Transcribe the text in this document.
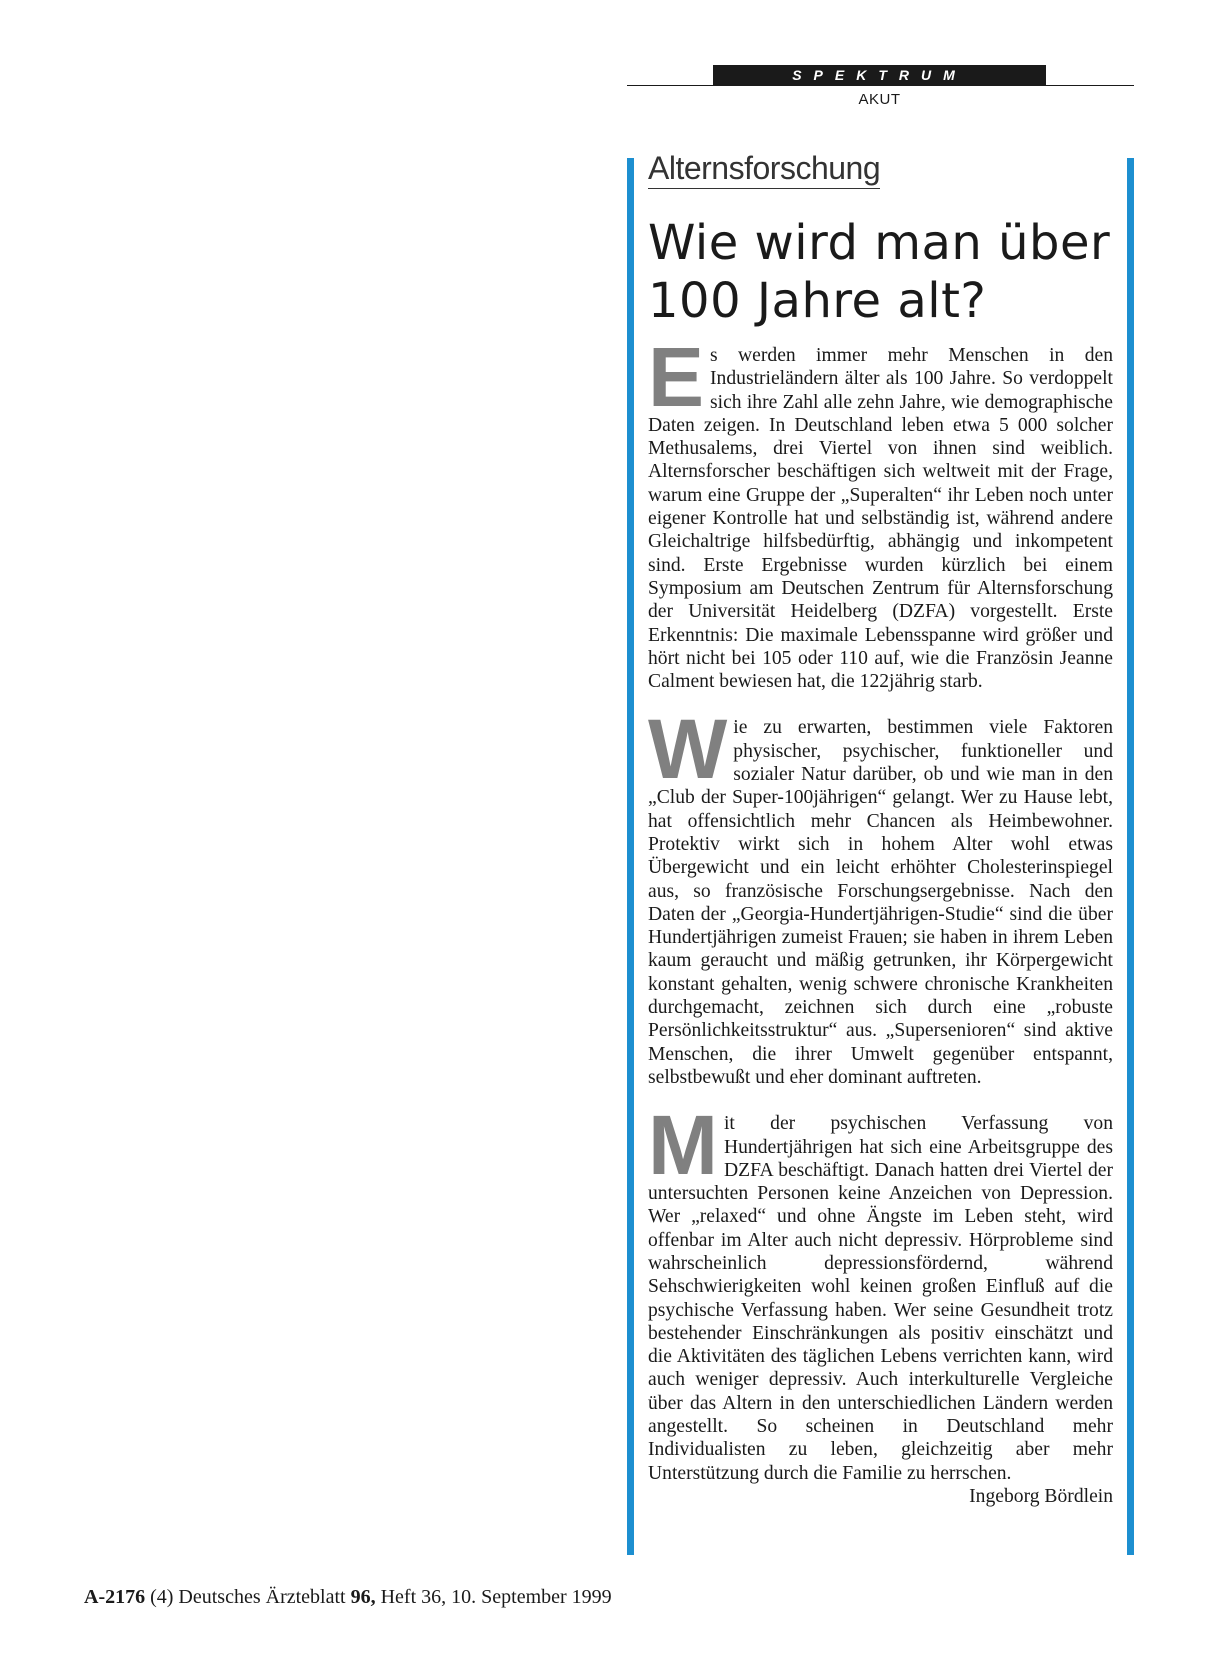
SPEKTRUM
AKUT
Alternsforschung
Wie wird man über 100 Jahre alt?

Es werden immer mehr Menschen in den Industrieländern älter als 100 Jahre. So verdoppelt sich ihre Zahl alle zehn Jahre, wie demographische Daten zeigen. In Deutschland leben etwa 5 000 solcher Methusalems, drei Viertel von ihnen sind weiblich. Alternsforscher beschäftigen sich weltweit mit der Frage, warum eine Gruppe der „Superalten“ ihr Leben noch unter eigener Kontrolle hat und selbständig ist, während andere Gleichaltrige hilfsbedürftig, abhängig und inkompetent sind. Erste Ergebnisse wurden kürzlich bei einem Symposium am Deutschen Zentrum für Alternsforschung der Universität Heidelberg (DZFA) vorgestellt. Erste Erkenntnis: Die maximale Lebensspanne wird größer und hört nicht bei 105 oder 110 auf, wie die Französin Jeanne Calment bewiesen hat, die 122jährig starb.

Wie zu erwarten, bestimmen viele Faktoren physischer, psychischer, funktioneller und sozialer Natur darüber, ob und wie man in den „Club der Super-100jährigen“ gelangt. Wer zu Hause lebt, hat offensichtlich mehr Chancen als Heimbewohner. Protektiv wirkt sich in hohem Alter wohl etwas Übergewicht und ein leicht erhöhter Cholesterinspiegel aus, so französische Forschungsergebnisse. Nach den Daten der „Georgia-Hundertjährigen-Studie“ sind die über Hundertjährigen zumeist Frauen; sie haben in ihrem Leben kaum geraucht und mäßig getrunken, ihr Körpergewicht konstant gehalten, wenig schwere chronische Krankheiten durchgemacht, zeichnen sich durch eine „robuste Persönlichkeitsstruktur“ aus. „Supersenioren“ sind aktive Menschen, die ihrer Umwelt gegenüber entspannt, selbstbewußt und eher dominant auftreten.

Mit der psychischen Verfassung von Hundertjährigen hat sich eine Arbeitsgruppe des DZFA beschäftigt. Danach hatten drei Viertel der untersuchten Personen keine Anzeichen von Depression. Wer „relaxed“ und ohne Ängste im Leben steht, wird offenbar im Alter auch nicht depressiv. Hörprobleme sind wahrscheinlich depressionsfördernd, während Sehschwierigkeiten wohl keinen großen Einfluß auf die psychische Verfassung haben. Wer seine Gesundheit trotz bestehender Einschränkungen als positiv einschätzt und die Aktivitäten des täglichen Lebens verrichten kann, wird auch weniger depressiv. Auch interkulturelle Vergleiche über das Altern in den unterschiedlichen Ländern werden angestellt. So scheinen in Deutschland mehr Individualisten zu leben, gleichzeitig aber mehr Unterstützung durch die Familie zu herrschen.
Ingeborg Bördlein

A-2176 (4) Deutsches Ärzteblatt 96, Heft 36, 10. September 1999
